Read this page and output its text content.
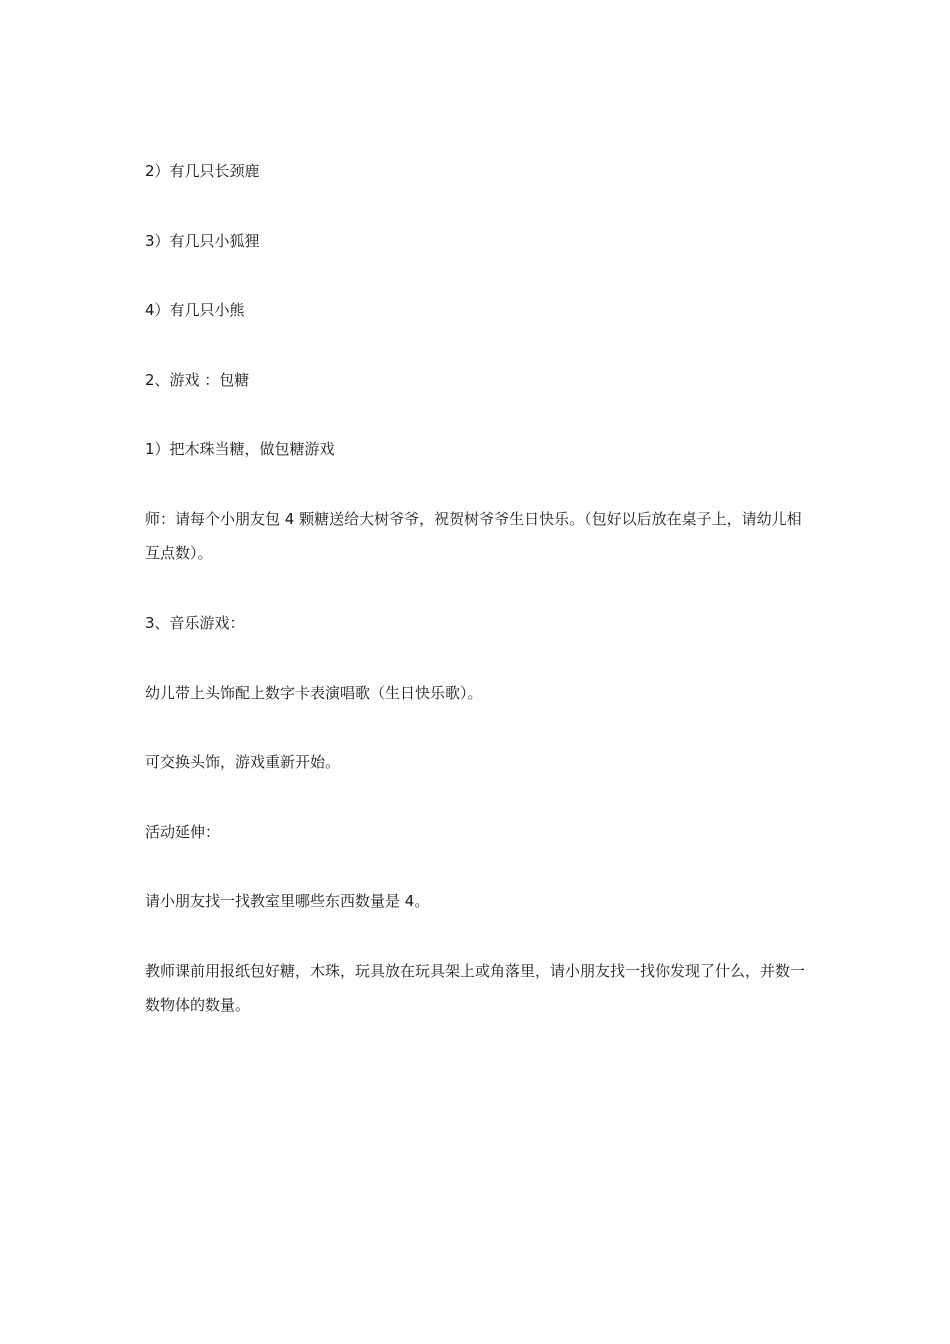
2）有几只长颈鹿
3）有几只小狐狸
4）有几只小熊
2、游戏 ：包糖
1）把木珠当糖，做包糖游戏
师：请每个小朋友包 4 颗糖送给大树爷爷，祝贺树爷爷生日快乐。（包好以后放在桌子上，请幼儿相互点数）。
3、音乐游戏：
幼儿带上头饰配上数字卡表演唱歌（生日快乐歌）。
可交换头饰，游戏重新开始。
活动延伸：
请小朋友找一找教室里哪些东西数量是 4。
教师课前用报纸包好糖，木珠，玩具放在玩具架上或角落里，请小朋友找一找你发现了什么，并数一数物体的数量。
